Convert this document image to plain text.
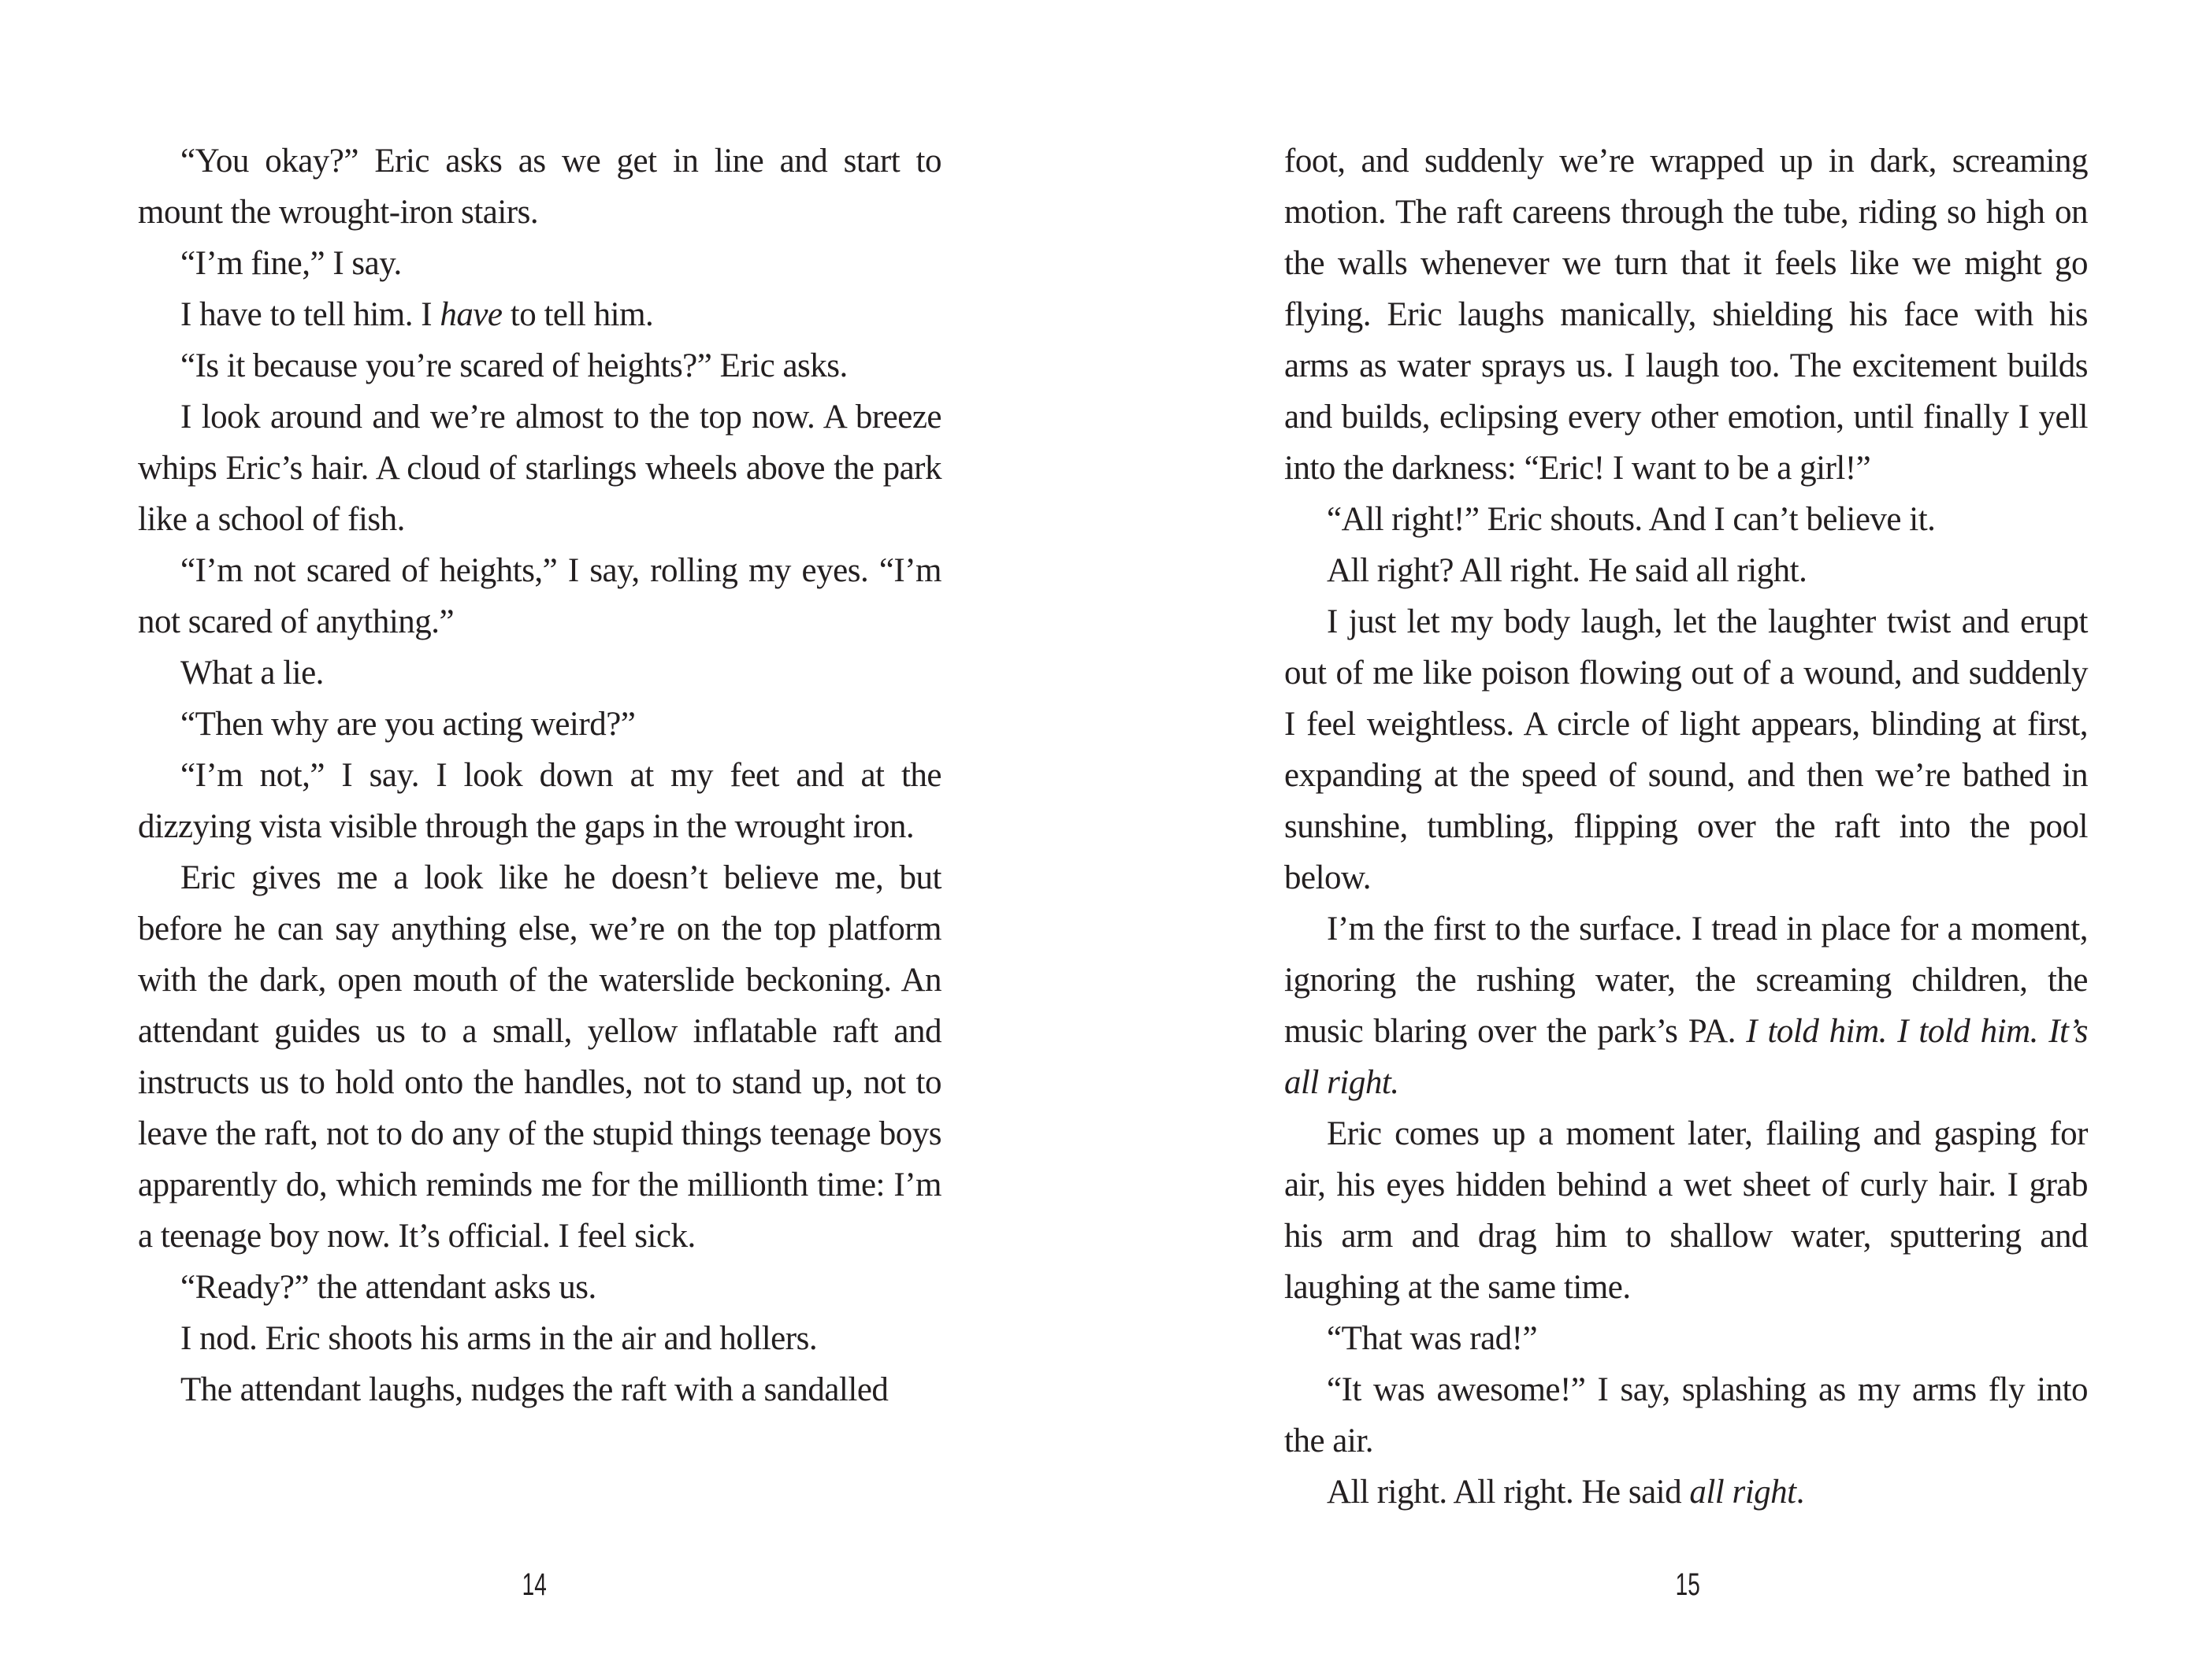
“You okay?” Eric asks as we get in line and start to mount the wrought-iron stairs.

“I’m fine,” I say.

I have to tell him. I have to tell him.

“Is it because you’re scared of heights?” Eric asks.

I look around and we’re almost to the top now. A breeze whips Eric’s hair. A cloud of starlings wheels above the park like a school of fish.

“I’m not scared of heights,” I say, rolling my eyes. “I’m not scared of anything.”

What a lie.

“Then why are you acting weird?”

“I’m not,” I say. I look down at my feet and at the dizzying vista visible through the gaps in the wrought iron.

Eric gives me a look like he doesn’t believe me, but before he can say anything else, we’re on the top platform with the dark, open mouth of the waterslide beckoning. An attendant guides us to a small, yellow inflatable raft and instructs us to hold onto the handles, not to stand up, not to leave the raft, not to do any of the stupid things teenage boys apparently do, which reminds me for the millionth time: I’m a teenage boy now. It’s official. I feel sick.

“Ready?” the attendant asks us.

I nod. Eric shoots his arms in the air and hollers.

The attendant laughs, nudges the raft with a sandalled

14

foot, and suddenly we’re wrapped up in dark, screaming motion. The raft careens through the tube, riding so high on the walls whenever we turn that it feels like we might go flying. Eric laughs manically, shielding his face with his arms as water sprays us. I laugh too. The excitement builds and builds, eclipsing every other emotion, until finally I yell into the darkness: “Eric! I want to be a girl!”

“All right!” Eric shouts. And I can’t believe it.

All right? All right. He said all right.

I just let my body laugh, let the laughter twist and erupt out of me like poison flowing out of a wound, and suddenly I feel weightless. A circle of light appears, blinding at first, expanding at the speed of sound, and then we’re bathed in sunshine, tumbling, flipping over the raft into the pool below.

I’m the first to the surface. I tread in place for a moment, ignoring the rushing water, the screaming children, the music blaring over the park’s PA. I told him. I told him. It’s all right.

Eric comes up a moment later, flailing and gasping for air, his eyes hidden behind a wet sheet of curly hair. I grab his arm and drag him to shallow water, sputtering and laughing at the same time.

“That was rad!”

“It was awesome!” I say, splashing as my arms fly into the air.

All right. All right. He said all right.

15
